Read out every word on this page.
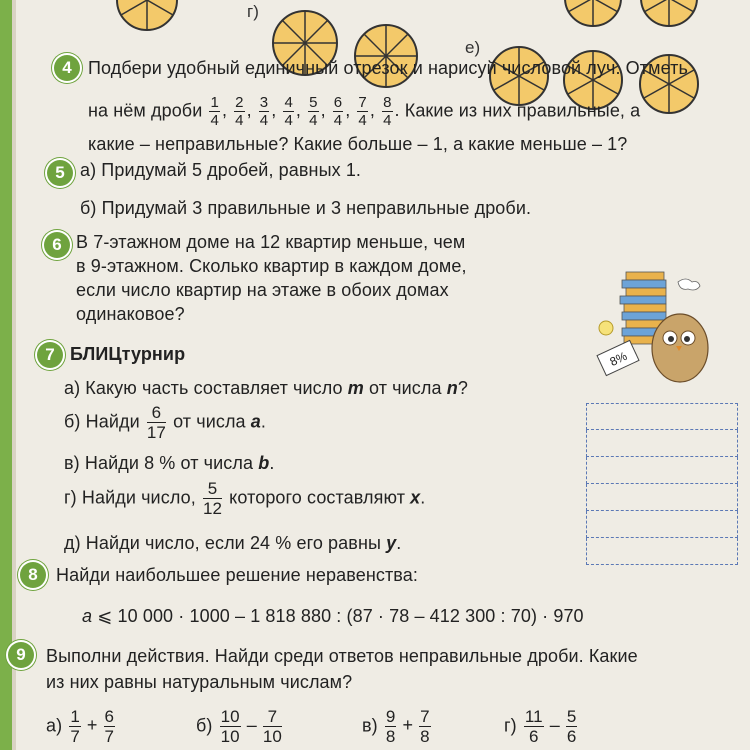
г)
е)
4 Подбери удобный единичный отрезок и нарисуй числовой луч. Отметь
на нём дроби $\frac{1}{4}$ , $\frac{2}{4}$ , $\frac{3}{4}$ , $\frac{4}{4}$ , $\frac{5}{4}$ , $\frac{6}{4}$ , $\frac{7}{4}$ , $\frac{8}{4}$ . Какие из них правильные, а
какие – неправильные? Какие больше – 1, а какие меньше – 1?
5 а) Придумай 5 дробей, равных 1.
б) Придумай 3 правильные и 3 неправильные дроби.
6 В 7-этажном доме на 12 квартир меньше, чем
в 9-этажном. Сколько квартир в каждом доме,
если число квартир на этаже в обоих домах
одинаковое?
8%
7 БЛИЦтурнир
а) Какую часть составляет число m от числа n?
б) Найди $\frac{6}{17}$ от числа a.
в) Найди 8 % от числа b.
г) Найди число, $\frac{5}{12}$ которого составляют x.
д) Найди число, если 24 % его равны y.
8	Найди наибольшее решение неравенства:
a ⩽ 10 000 · 1000 – 1 818 880 : (87 · 78 – 412 300 : 70) · 970
9	Выполни действия. Найди среди ответов неправильные дроби. Какие
из них равны натуральным числам?
$а) \frac{1}{7} + \frac{6}{7}$	$б) \frac{10}{10} - \frac{7}{10}$	$в) \frac{9}{8} + \frac{7}{8}$	$г) \frac{11}{6} - \frac{5}{6}$
